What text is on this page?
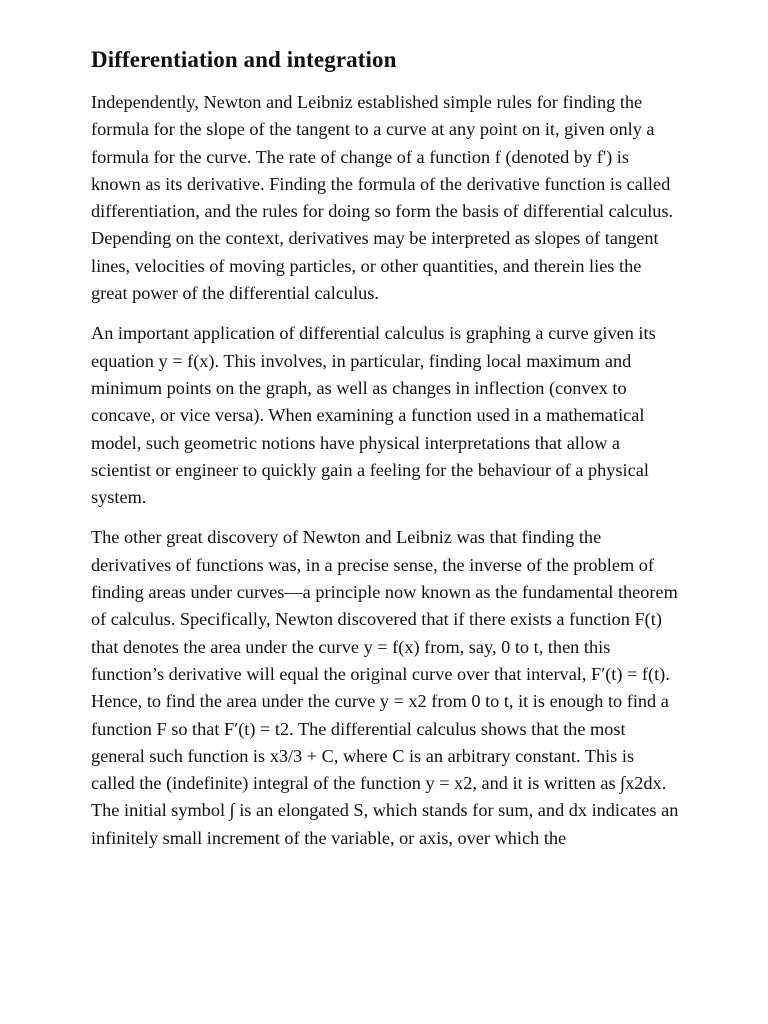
Differentiation and integration

Independently, Newton and Leibniz established simple rules for finding the formula for the slope of the tangent to a curve at any point on it, given only a formula for the curve. The rate of change of a function f (denoted by f') is known as its derivative. Finding the formula of the derivative function is called differentiation, and the rules for doing so form the basis of differential calculus. Depending on the context, derivatives may be interpreted as slopes of tangent lines, velocities of moving particles, or other quantities, and therein lies the great power of the differential calculus.

An important application of differential calculus is graphing a curve given its equation y = f(x). This involves, in particular, finding local maximum and minimum points on the graph, as well as changes in inflection (convex to concave, or vice versa). When examining a function used in a mathematical model, such geometric notions have physical interpretations that allow a scientist or engineer to quickly gain a feeling for the behaviour of a physical system.

The other great discovery of Newton and Leibniz was that finding the derivatives of functions was, in a precise sense, the inverse of the problem of finding areas under curves—a principle now known as the fundamental theorem of calculus. Specifically, Newton discovered that if there exists a function F(t) that denotes the area under the curve y = f(x) from, say, 0 to t, then this function’s derivative will equal the original curve over that interval, F′(t) = f(t). Hence, to find the area under the curve y = x2 from 0 to t, it is enough to find a function F so that F′(t) = t2. The differential calculus shows that the most general such function is x3/3 + C, where C is an arbitrary constant. This is called the (indefinite) integral of the function y = x2, and it is written as ∫x2dx. The initial symbol ∫ is an elongated S, which stands for sum, and dx indicates an infinitely small increment of the variable, or axis, over which the
